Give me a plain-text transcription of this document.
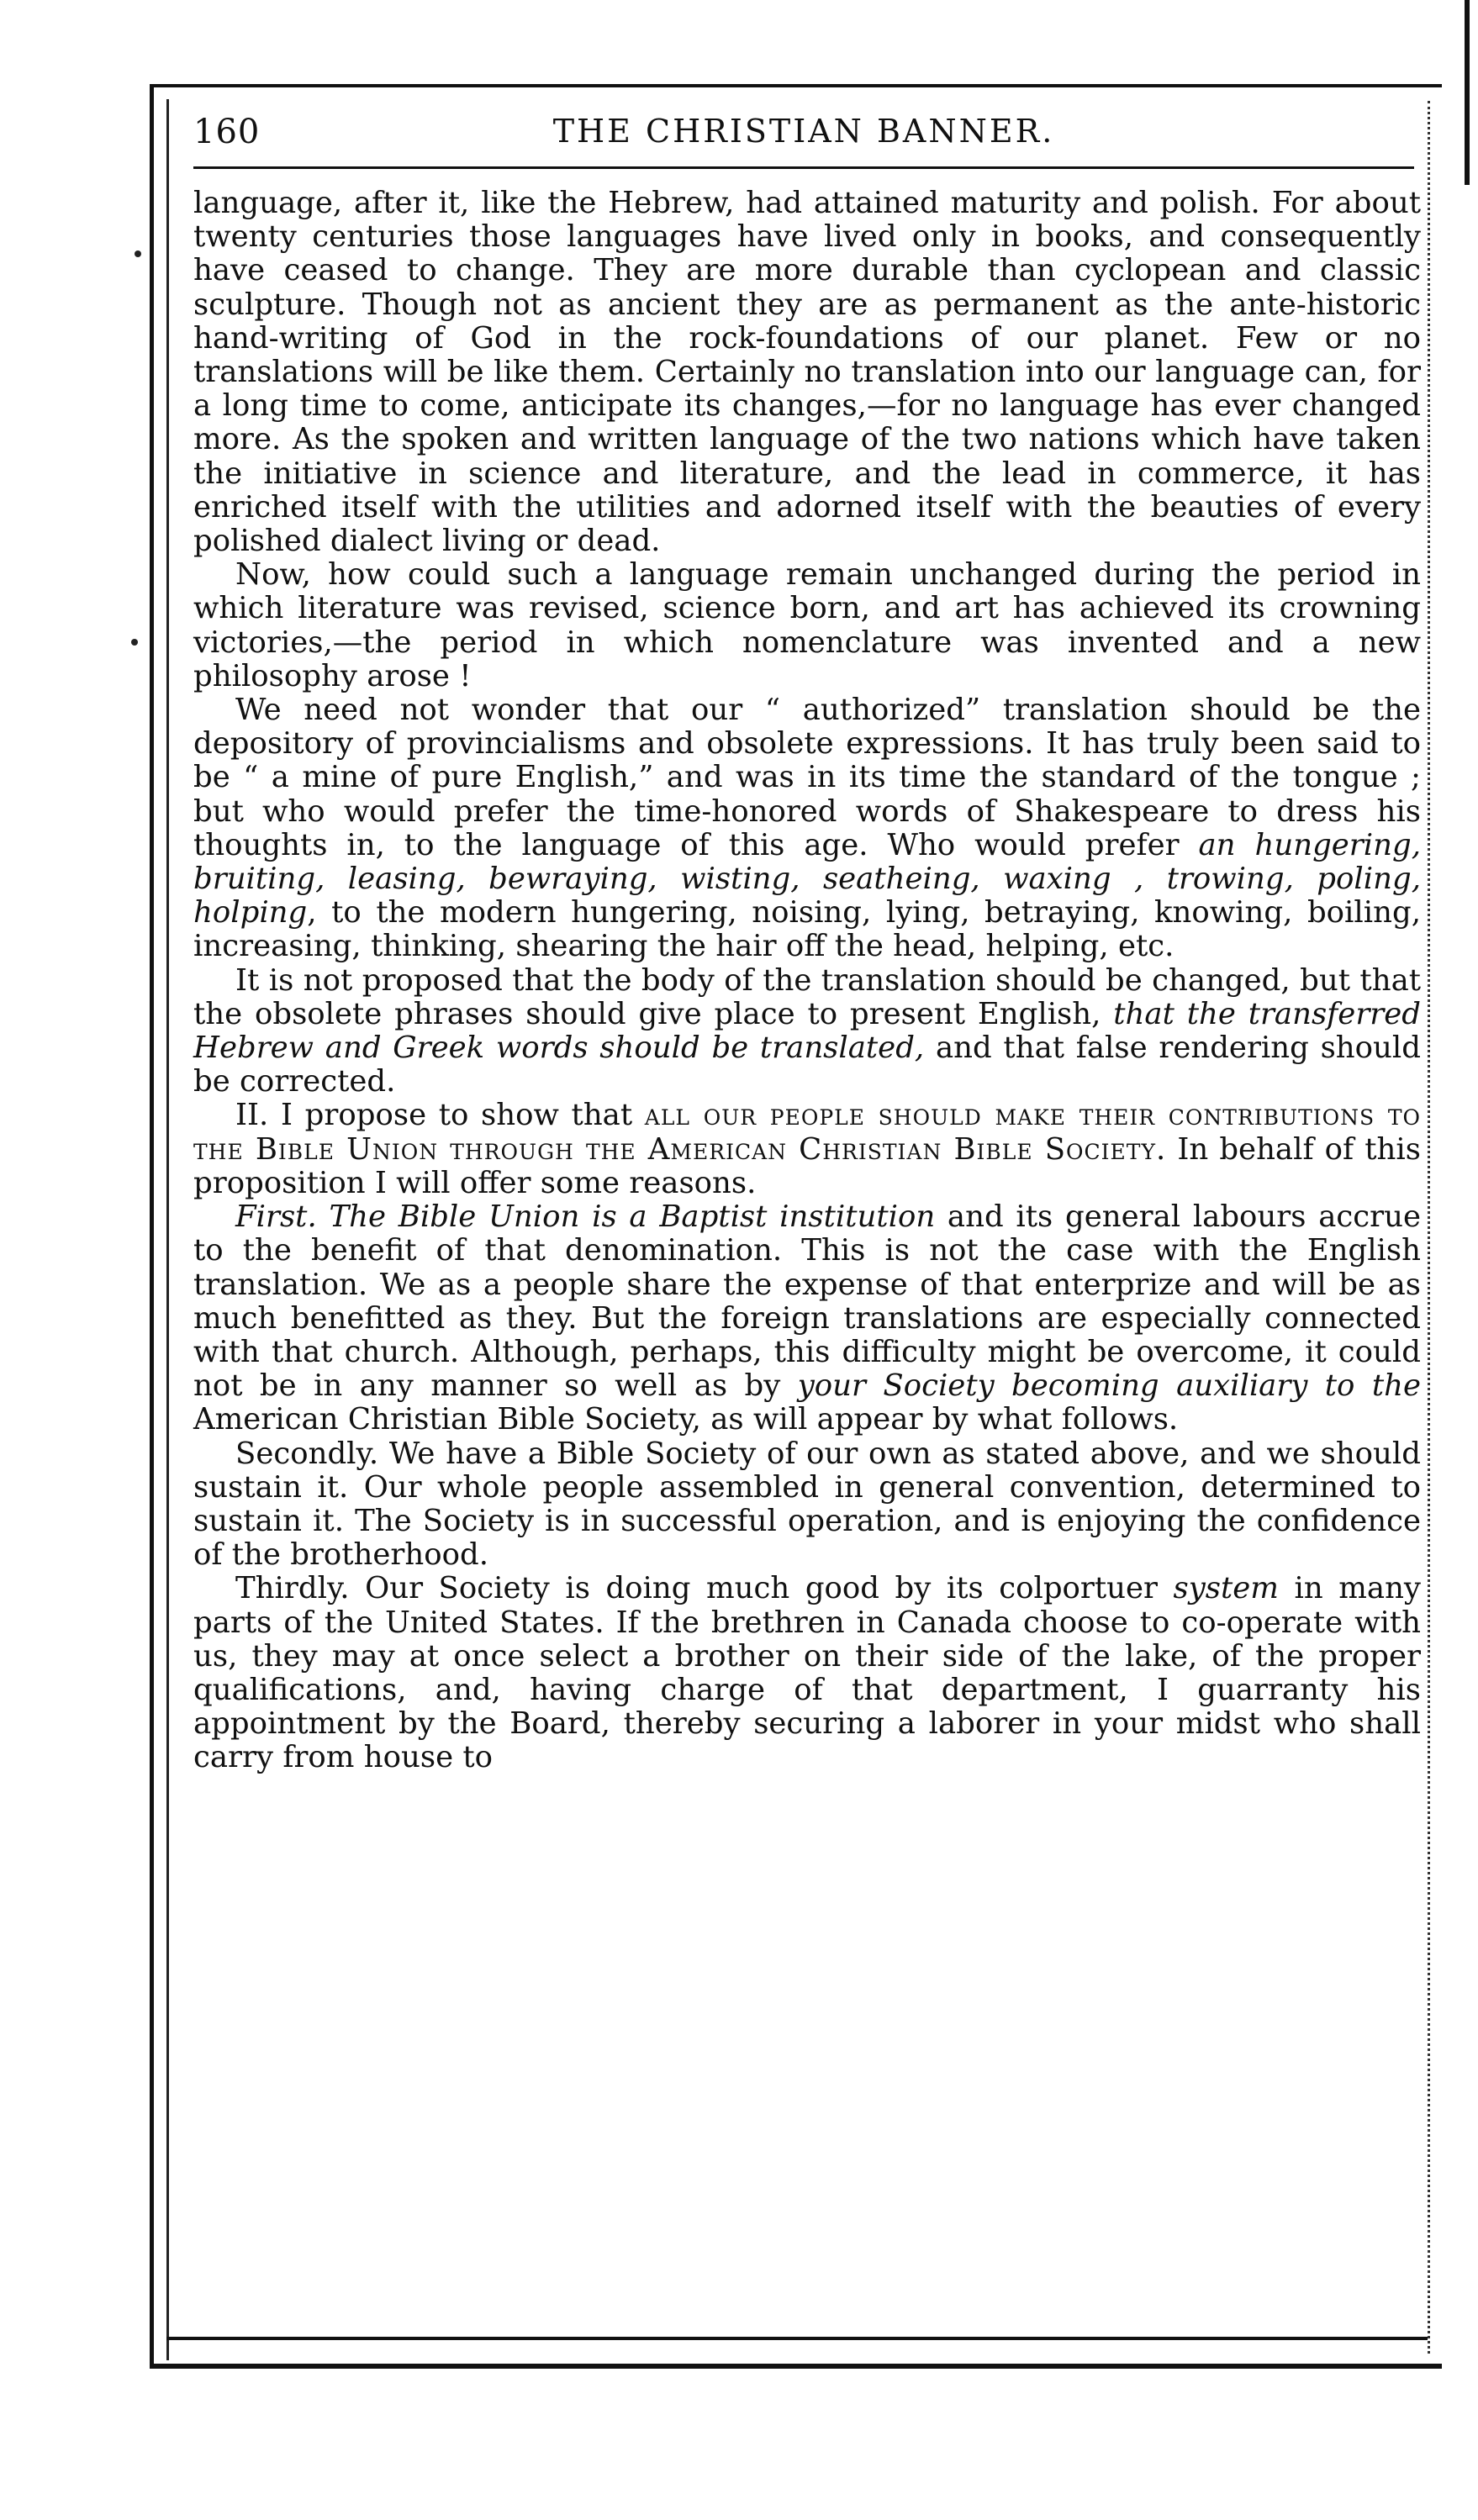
160	THE CHRISTIAN BANNER.

language, after it, like the Hebrew, had attained maturity and polish. For about twenty centuries those languages have lived only in books, and consequently have ceased to change. They are more durable than cyclopean and classic sculpture. Though not as ancient they are as permanent as the ante-historic hand-writing of God in the rock-foundations of our planet. Few or no translations will be like them. Certainly no translation into our language can, for a long time to come, anticipate its changes,—for no language has ever changed more. As the spoken and written language of the two nations which have taken the initiative in science and literature, and the lead in commerce, it has enriched itself with the utilities and adorned itself with the beauties of every polished dialect living or dead.

Now, how could such a language remain unchanged during the period in which literature was revised, science born, and art has achieved its crowning victories,—the period in which nomenclature was invented and a new philosophy arose !

We need not wonder that our “ authorized” translation should be the depository of provincialisms and obsolete expressions. It has truly been said to be “ a mine of pure English,” and was in its time the standard of the tongue ; but who would prefer the time-honored words of Shakespeare to dress his thoughts in, to the language of this age. Who would prefer an hungering, bruiting, leasing, bewraying, wisting, seatheing, waxing , trowing, poling, holping, to the modern hungering, noising, lying, betraying, knowing, boiling, increasing, thinking, shearing the hair off the head, helping, etc.

It is not proposed that the body of the translation should be changed, but that the obsolete phrases should give place to present English, that the transferred Hebrew and Greek words should be translated, and that false rendering should be corrected.

II. I propose to show that all our people should make their contributions to the Bible Union through the American Christian Bible Society. In behalf of this proposition I will offer some reasons.

First. The Bible Union is a Baptist institution and its general labours accrue to the benefit of that denomination. This is not the case with the English translation. We as a people share the expense of that enterprize and will be as much benefitted as they. But the foreign translations are especially connected with that church. Although, perhaps, this difficulty might be overcome, it could not be in any manner so well as by your Society becoming auxiliary to the American Christian Bible Society, as will appear by what follows.

Secondly. We have a Bible Society of our own as stated above, and we should sustain it. Our whole people assembled in general convention, determined to sustain it. The Society is in successful operation, and is enjoying the confidence of the brotherhood.

Thirdly. Our Society is doing much good by its colportuer system in many parts of the United States. If the brethren in Canada choose to co-operate with us, they may at once select a brother on their side of the lake, of the proper qualifications, and, having charge of that department, I guarranty his appointment by the Board, thereby securing a laborer in your midst who shall carry from house to
